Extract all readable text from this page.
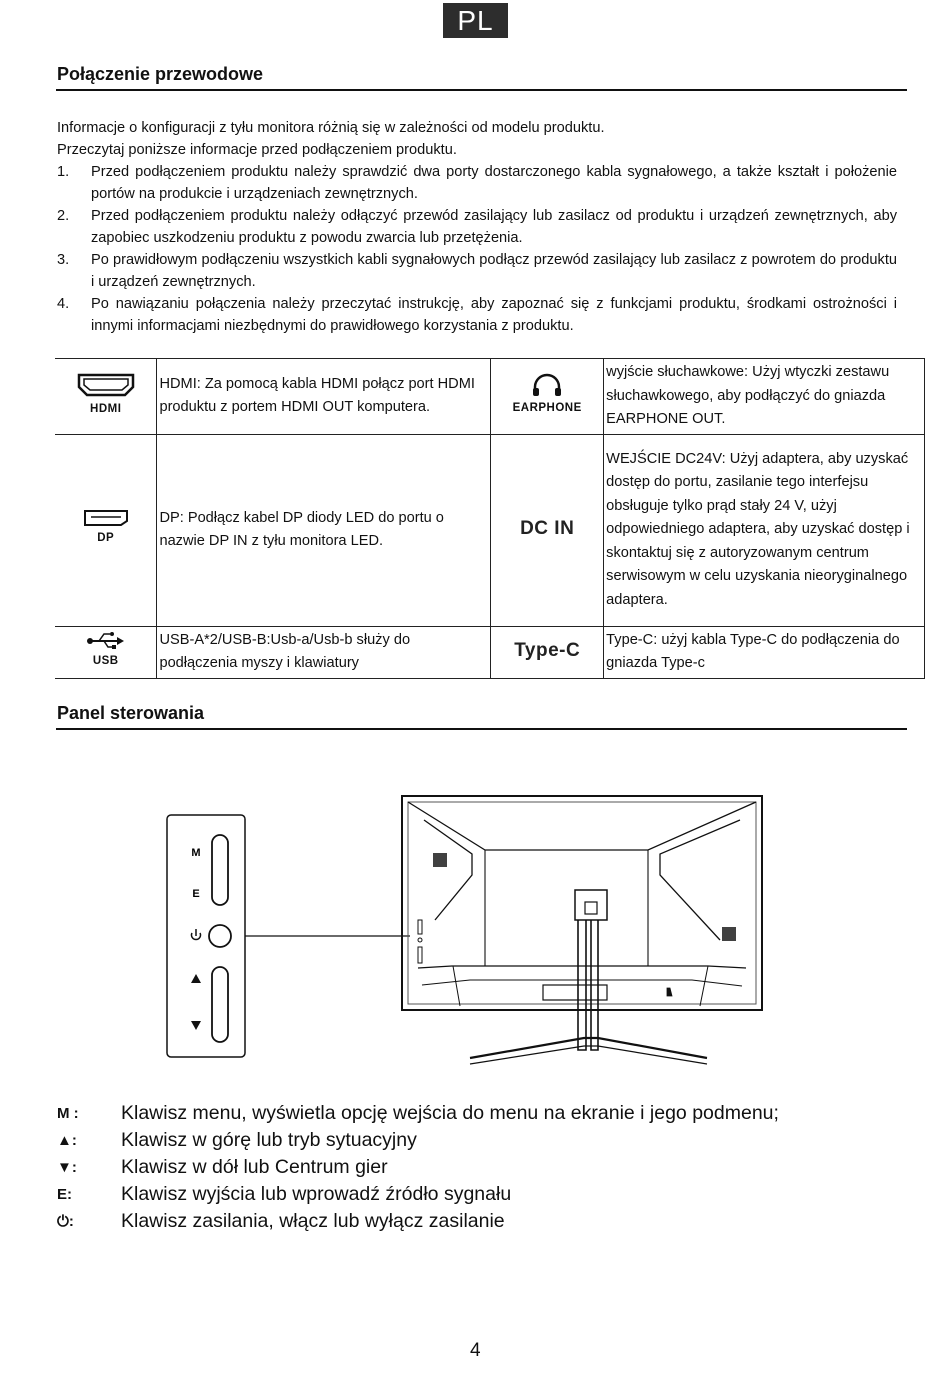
PL
Połączenie przewodowe

Informacje o konfiguracji z tyłu monitora różnią się w zależności od modelu produktu.

Przeczytaj poniższe informacje przed podłączeniem produktu.

1.	Przed podłączeniem produktu należy sprawdzić dwa porty dostarczonego kabla sygnałowego, a także kształt i położenie portów na produkcie i urządzeniach zewnętrznych.
2.	Przed podłączeniem produktu należy odłączyć przewód zasilający lub zasilacz od produktu i urządzeń zewnętrznych, aby zapobiec uszkodzeniu produktu z powodu zwarcia lub przetężenia.
3.	Po prawidłowym podłączeniu wszystkich kabli sygnałowych podłącz przewód zasilający lub zasilacz z powrotem do produktu i urządzeń zewnętrznych.
4.	Po nawiązaniu połączenia należy przeczytać instrukcję, aby zapoznać się z funkcjami produktu, środkami ostrożności i innymi informacjami niezbędnymi do prawidłowego korzystania z produktu.
HDMI	HDMI: Za pomocą kabla HDMI połącz port HDMI produktu z portem HDMI OUT komputera.	EARPHONE	wyjście słuchawkowe: Użyj wtyczki zestawu słuchawkowego, aby podłączyć do gniazda EARPHONE OUT.

DP	DP: Podłącz kabel DP diody LED do portu o nazwie DP IN z tyłu monitora LED.	DC IN	WEJŚCIE DC24V: Użyj adaptera, aby uzyskać dostęp do portu, zasilanie tego interfejsu obsługuje tylko prąd stały 24 V, użyj odpowiedniego adaptera, aby uzyskać dostęp i skontaktuj się z autoryzowanym centrum serwisowym w celu uzyskania nieoryginalnego adaptera.

USB	USB-A*2/USB-B:Usb-a/Usb-b służy do podłączenia myszy i klawiatury	Type-C	Type-C: użyj kabla Type-C do podłączenia do gniazda Type-c
Panel sterowania
M
E
M :	Klawisz menu, wyświetla opcję wejścia do menu na ekranie i jego podmenu;
▲:	Klawisz w górę lub tryb sytuacyjny
▼:	Klawisz w dół lub Centrum gier
E:	Klawisz wyjścia lub wprowadź źródło sygnału
⏻:	Klawisz zasilania, włącz lub wyłącz zasilanie
4
